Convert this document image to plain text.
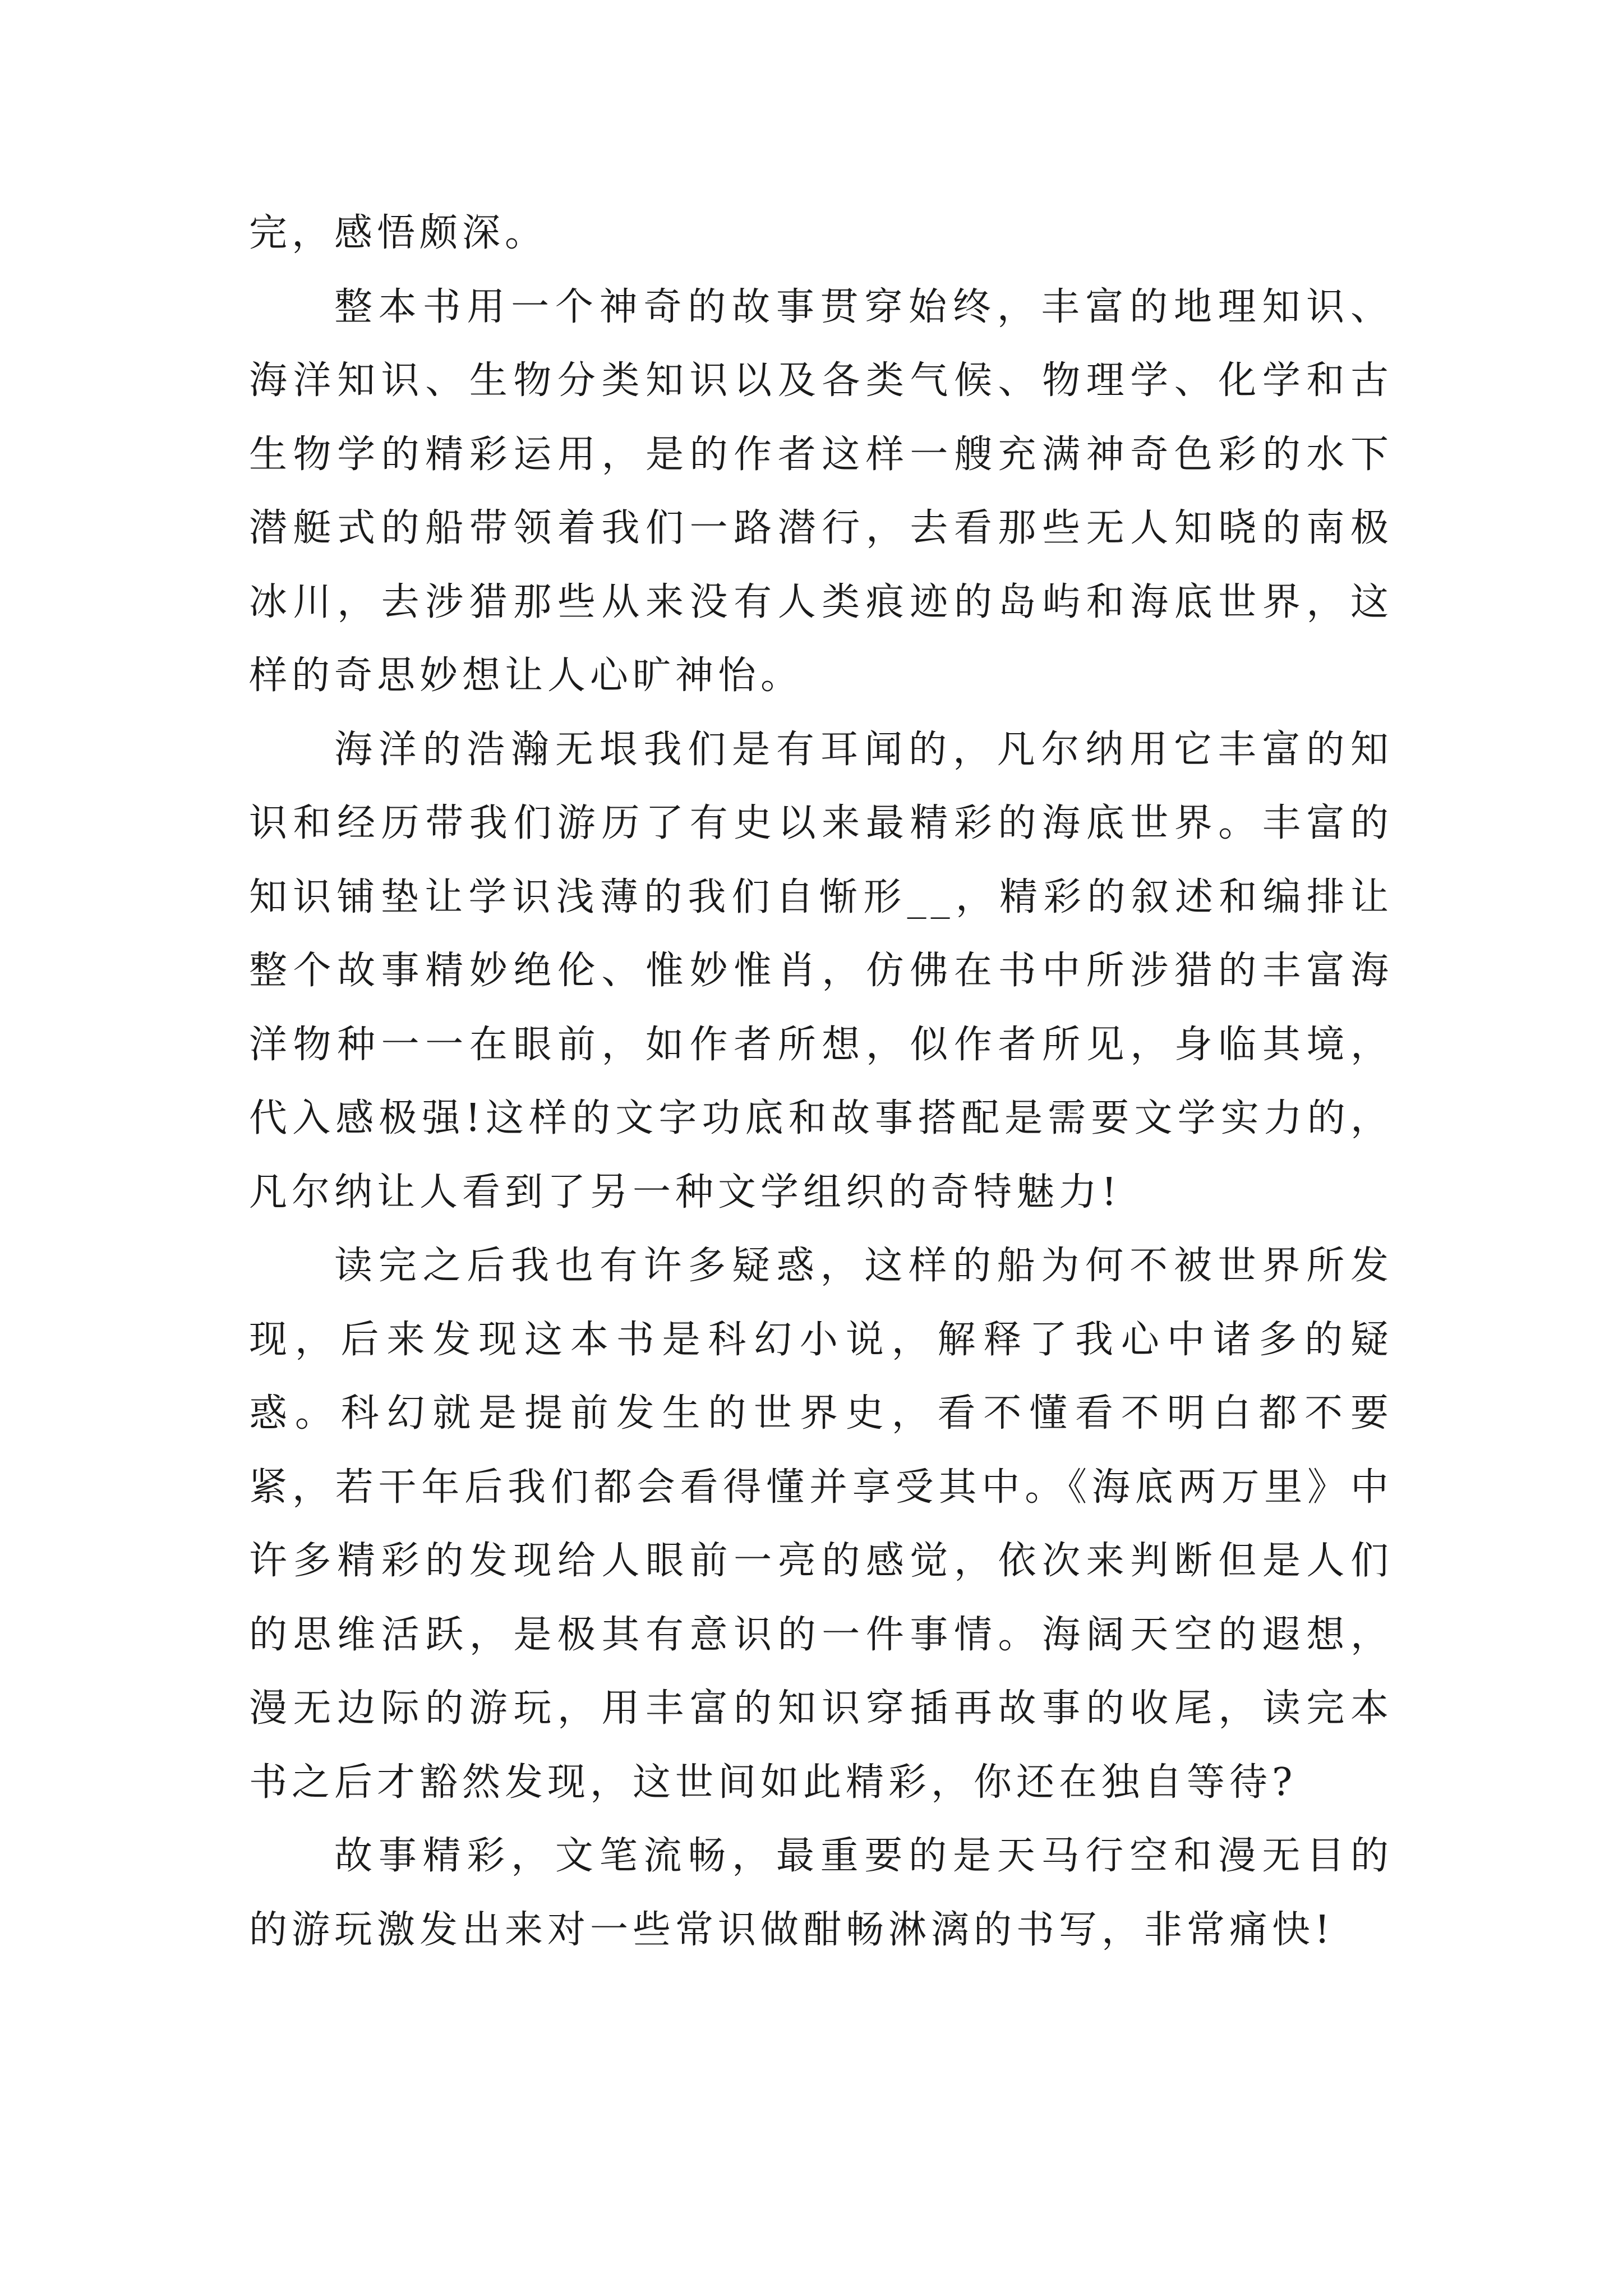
完，感悟颇深。

整本书用一个神奇的故事贯穿始终，丰富的地理知识、海洋知识、生物分类知识以及各类气候、物理学、化学和古生物学的精彩运用，是的作者这样一艘充满神奇色彩的水下潜艇式的船带领着我们一路潜行，去看那些无人知晓的南极冰川，去涉猎那些从来没有人类痕迹的岛屿和海底世界，这样的奇思妙想让人心旷神怡。

海洋的浩瀚无垠我们是有耳闻的，凡尔纳用它丰富的知识和经历带我们游历了有史以来最精彩的海底世界。丰富的知识铺垫让学识浅薄的我们自惭形__，精彩的叙述和编排让整个故事精妙绝伦、惟妙惟肖，仿佛在书中所涉猎的丰富海洋物种一一在眼前，如作者所想，似作者所见，身临其境，代入感极强!这样的文字功底和故事搭配是需要文学实力的，凡尔纳让人看到了另一种文学组织的奇特魅力!

读完之后我也有许多疑惑，这样的船为何不被世界所发现，后来发现这本书是科幻小说，解释了我心中诸多的疑惑。科幻就是提前发生的世界史，看不懂看不明白都不要紧，若干年后我们都会看得懂并享受其中。《海底两万里》中许多精彩的发现给人眼前一亮的感觉，依次来判断但是人们的思维活跃，是极其有意识的一件事情。海阔天空的遐想，漫无边际的游玩，用丰富的知识穿插再故事的收尾，读完本书之后才豁然发现，这世间如此精彩，你还在独自等待?

故事精彩，文笔流畅，最重要的是天马行空和漫无目的的游玩激发出来对一些常识做酣畅淋漓的书写，非常痛快!
